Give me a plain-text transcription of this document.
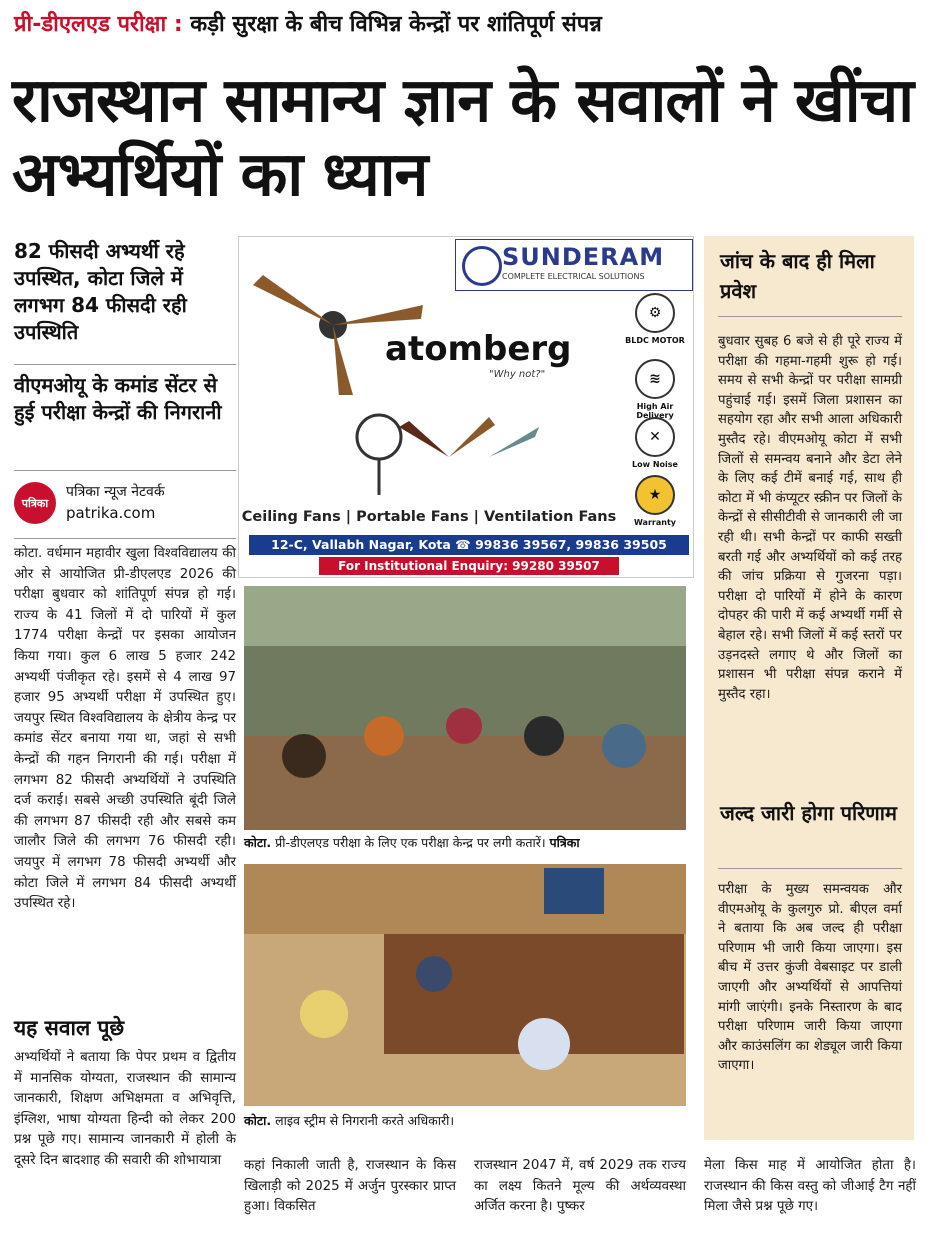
प्री-डीएलएड परीक्षा : कड़ी सुरक्षा के बीच विभिन्न केन्द्रों पर शांतिपूर्ण संपन्न
राजस्थान सामान्य ज्ञान के सवालों ने खींचा अभ्यर्थियों का ध्यान
82 फीसदी अभ्यर्थी रहे उपस्थित, कोटा जिले में लगभग 84 फीसदी रही उपस्थिति
वीएमओयू के कमांड सेंटर से हुई परीक्षा केन्द्रों की निगरानी
पत्रिका
पत्रिका न्यूज नेटवर्क
patrika.com
कोटा. वर्धमान महावीर खुला विश्वविद्यालय की ओर से आयोजित प्री-डीएलएड 2026 की परीक्षा बुधवार को शांतिपूर्ण संपन्न हो गई। राज्य के 41 जिलों में दो पारियों में कुल 1774 परीक्षा केन्द्रों पर इसका आयोजन किया गया। कुल 6 लाख 5 हजार 242 अभ्यर्थी पंजीकृत रहे। इसमें से 4 लाख 97 हजार 95 अभ्यर्थी परीक्षा में उपस्थित हुए। जयपुर स्थित विश्वविद्यालय के क्षेत्रीय केन्द्र पर कमांड सेंटर बनाया गया था, जहां से सभी केन्द्रों की गहन निगरानी की गई। परीक्षा में लगभग 82 फीसदी अभ्यर्थियों ने उपस्थिति दर्ज कराई। सबसे अच्छी उपस्थिति बूंदी जिले की लगभग 87 फीसदी रही और सबसे कम जालौर जिले की लगभग 76 फीसदी रही। जयपुर में लगभग 78 फीसदी अभ्यर्थी और कोटा जिले में लगभग 84 फीसदी अभ्यर्थी उपस्थित रहे।
यह सवाल पूछे
अभ्यर्थियों ने बताया कि पेपर प्रथम व द्वितीय में मानसिक योग्यता, राजस्थान की सामान्य जानकारी, शिक्षण अभिक्षमता व अभिवृत्ति, इंग्लिश, भाषा योग्यता हिन्दी को लेकर 200 प्रश्न पूछे गए। सामान्य जानकारी में होली के दूसरे दिन बादशाह की सवारी की शोभायात्रा
SUNDERAM
COMPLETE ELECTRICAL SOLUTIONS
atomberg
"Why not?"
⚙
BLDC MOTOR
≋
High Air Delivery
✕
Low Noise
★
Warranty
Ceiling Fans | Portable Fans | Ventilation Fans
12-C, Vallabh Nagar, Kota ☎ 99836 39567, 99836 39505
For Institutional Enquiry: 99280 39507
कोटा. प्री-डीएलएड परीक्षा के लिए एक परीक्षा केन्द्र पर लगी कतारें। पत्रिका
कोटा. लाइव स्ट्रीम से निगरानी करते अधिकारी।
जांच के बाद ही मिला प्रवेश
बुधवार सुबह 6 बजे से ही पूरे राज्य में परीक्षा की गहमा-गहमी शुरू हो गई। समय से सभी केन्द्रों पर परीक्षा सामग्री पहुंचाई गई। इसमें जिला प्रशासन का सहयोग रहा और सभी आला अधिकारी मुस्तैद रहे। वीएमओयू कोटा में सभी जिलों से समन्वय बनाने और डेटा लेने के लिए कई टीमें बनाई गई, साथ ही कोटा में भी कंप्यूटर स्क्रीन पर जिलों के केन्द्रों से सीसीटीवी से जानकारी ली जा रही थी। सभी केन्द्रों पर काफी सख्ती बरती गई और अभ्यर्थियों को कई तरह की जांच प्रक्रिया से गुजरना पड़ा। परीक्षा दो पारियों में होने के कारण दोपहर की पारी में कई अभ्यर्थी गर्मी से बेहाल रहे। सभी जिलों में कई स्तरों पर उड़नदस्ते लगाए थे और जिलों का प्रशासन भी परीक्षा संपन्न कराने में मुस्तैद रहा।
जल्द जारी होगा परिणाम
परीक्षा के मुख्य समन्वयक और वीएमओयू के कुलगुरु प्रो. बीएल वर्मा ने बताया कि अब जल्द ही परीक्षा परिणाम भी जारी किया जाएगा। इस बीच में उत्तर कुंजी वेबसाइट पर डाली जाएगी और अभ्यर्थियों से आपत्तियां मांगी जाएंगी। इनके निस्तारण के बाद परीक्षा परिणाम जारी किया जाएगा और काउंसलिंग का शेड्यूल जारी किया जाएगा।
कहां निकाली जाती है, राजस्थान के किस खिलाड़ी को 2025 में अर्जुन पुरस्कार प्राप्त हुआ। विकसित
राजस्थान 2047 में, वर्ष 2029 तक राज्य का लक्ष्य कितने मूल्य की अर्थव्यवस्था अर्जित करना है। पुष्कर
मेला किस माह में आयोजित होता है। राजस्थान की किस वस्तु को जीआई टैग नहीं मिला जैसे प्रश्न पूछे गए।
